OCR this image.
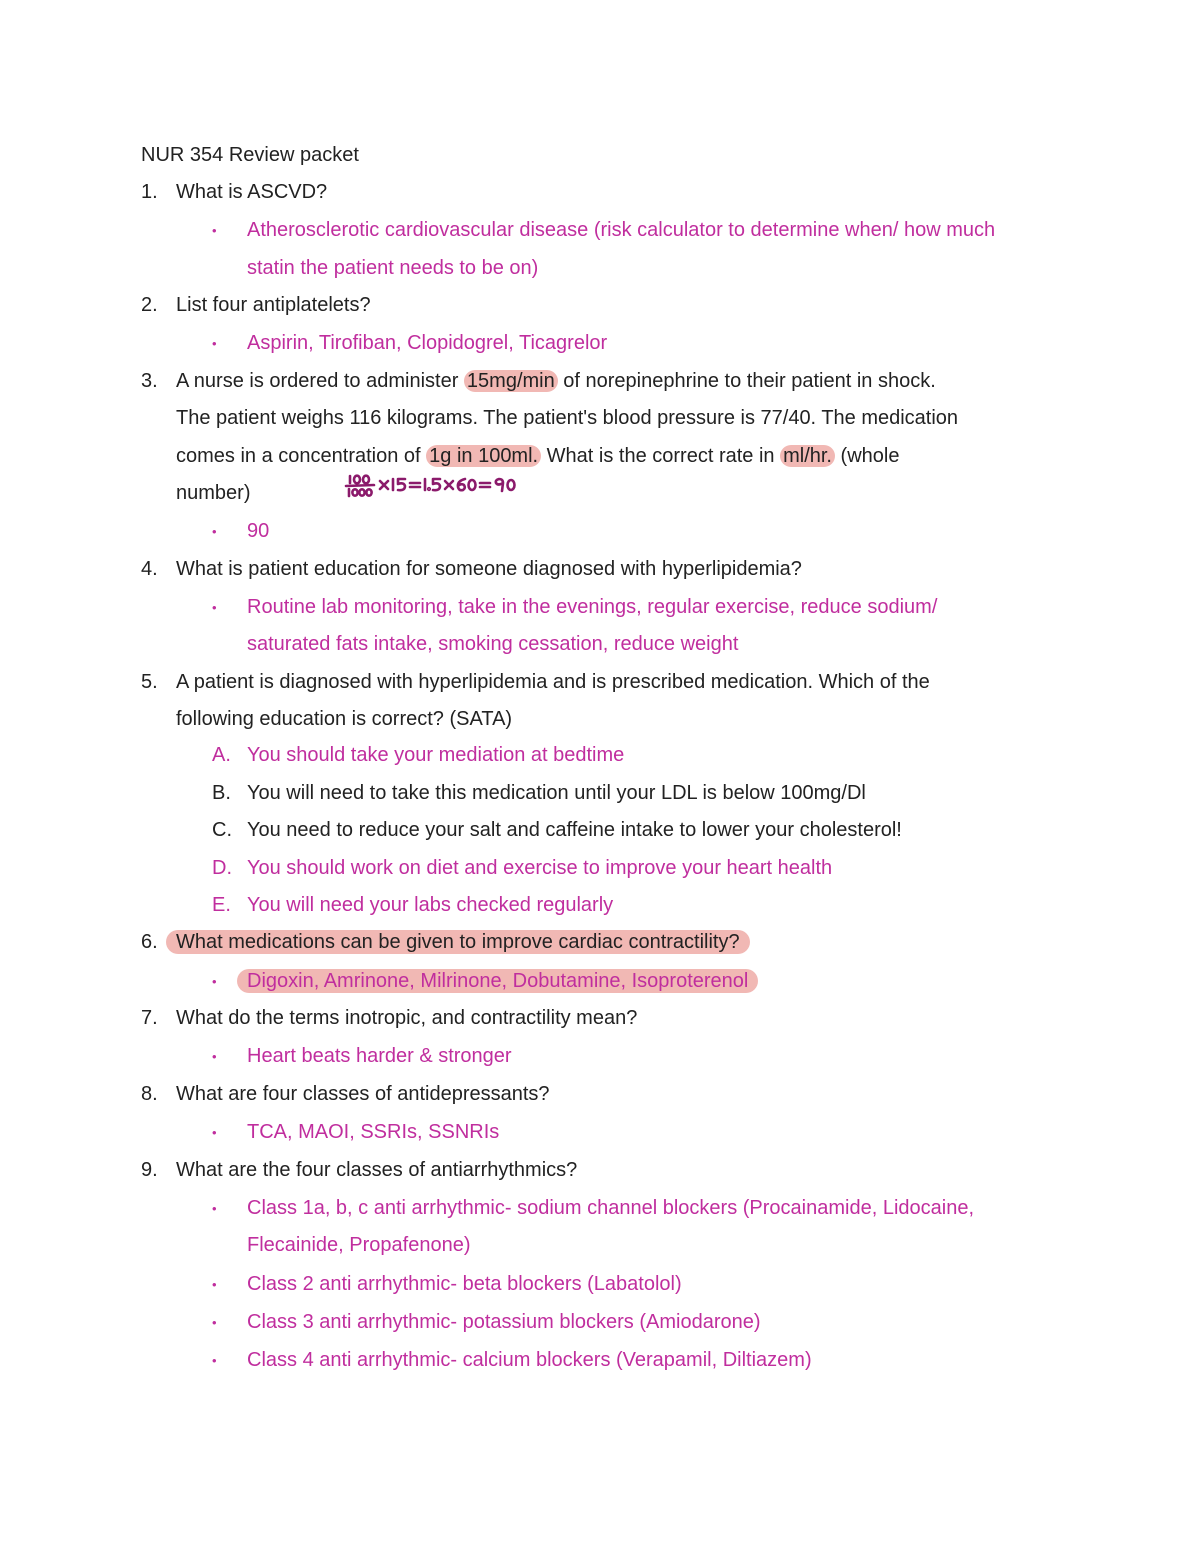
NUR 354 Review packet
1. What is ASCVD?
• Atherosclerotic cardiovascular disease (risk calculator to determine when/ how much
statin the patient needs to be on)
2. List four antiplatelets?
• Aspirin, Tirofiban, Clopidogrel, Ticagrelor
3. A nurse is ordered to administer 15mg/min of norepinephrine to their patient in shock.
The patient weighs 116 kilograms. The patient's blood pressure is 77/40. The medication
comes in a concentration of 1g in 100ml. What is the correct rate in ml/hr. (whole
number)
• 90
4. What is patient education for someone diagnosed with hyperlipidemia?
• Routine lab monitoring, take in the evenings, regular exercise, reduce sodium/
saturated fats intake, smoking cessation, reduce weight
5. A patient is diagnosed with hyperlipidemia and is prescribed medication. Which of the
following education is correct? (SATA)
A. You should take your mediation at bedtime
B. You will need to take this medication until your LDL is below 100mg/Dl
C. You need to reduce your salt and caffeine intake to lower your cholesterol!
D. You should work on diet and exercise to improve your heart health
E. You will need your labs checked regularly
6. What medications can be given to improve cardiac contractility?
• Digoxin, Amrinone, Milrinone, Dobutamine, Isoproterenol
7. What do the terms inotropic, and contractility mean?
• Heart beats harder & stronger
8. What are four classes of antidepressants?
• TCA, MAOI, SSRIs, SSNRIs
9. What are the four classes of antiarrhythmics?
• Class 1a, b, c anti arrhythmic- sodium channel blockers (Procainamide, Lidocaine,
Flecainide, Propafenone)
• Class 2 anti arrhythmic- beta blockers (Labatolol)
• Class 3 anti arrhythmic- potassium blockers (Amiodarone)
• Class 4 anti arrhythmic- calcium blockers (Verapamil, Diltiazem)
